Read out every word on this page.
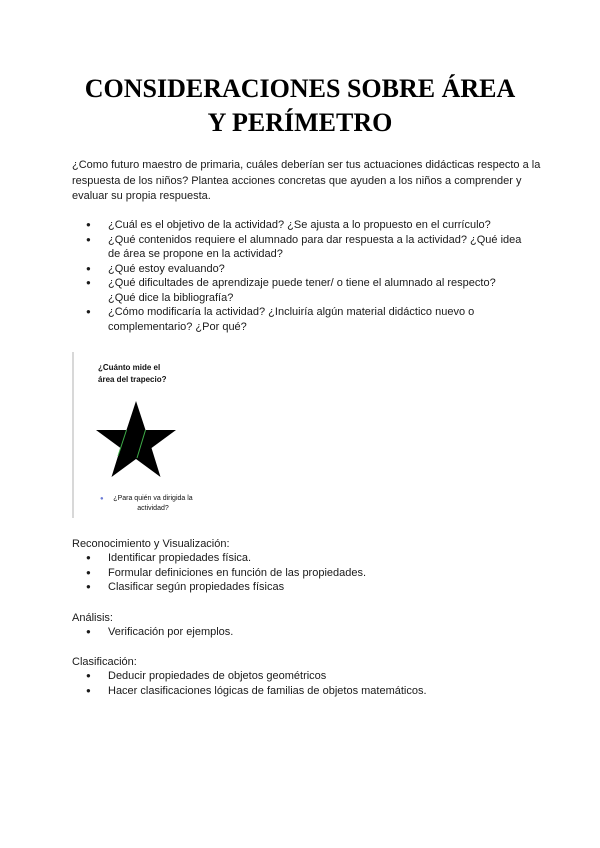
CONSIDERACIONES SOBRE ÁREA
Y PERÍMETRO

¿Como futuro maestro de primaria, cuáles deberían ser tus actuaciones didácticas respecto a la respuesta de los niños? Plantea acciones concretas que ayuden a los niños a comprender y evaluar su propia respuesta.

● ¿Cuál es el objetivo de la actividad? ¿Se ajusta a lo propuesto en el currículo?
● ¿Qué contenidos requiere el alumnado para dar respuesta a la actividad? ¿Qué idea
de área se propone en la actividad?
● ¿Qué estoy evaluando?
● ¿Qué dificultades de aprendizaje puede tener/ o tiene el alumnado al respecto?
¿Qué dice la bibliografía?
● ¿Cómo modificaría la actividad? ¿Incluiría algún material didáctico nuevo o
complementario? ¿Por qué?
¿Cuánto mide el
área del trapecio?
● ¿Para quién va dirigida la
actividad?

Reconocimiento y Visualización:

● Identificar propiedades física.
● Formular definiciones en función de las propiedades.
● Clasificar según propiedades físicas

Análisis:

● Verificación por ejemplos.

Clasificación:

● Deducir propiedades de objetos geométricos
● Hacer clasificaciones lógicas de familias de objetos matemáticos.
